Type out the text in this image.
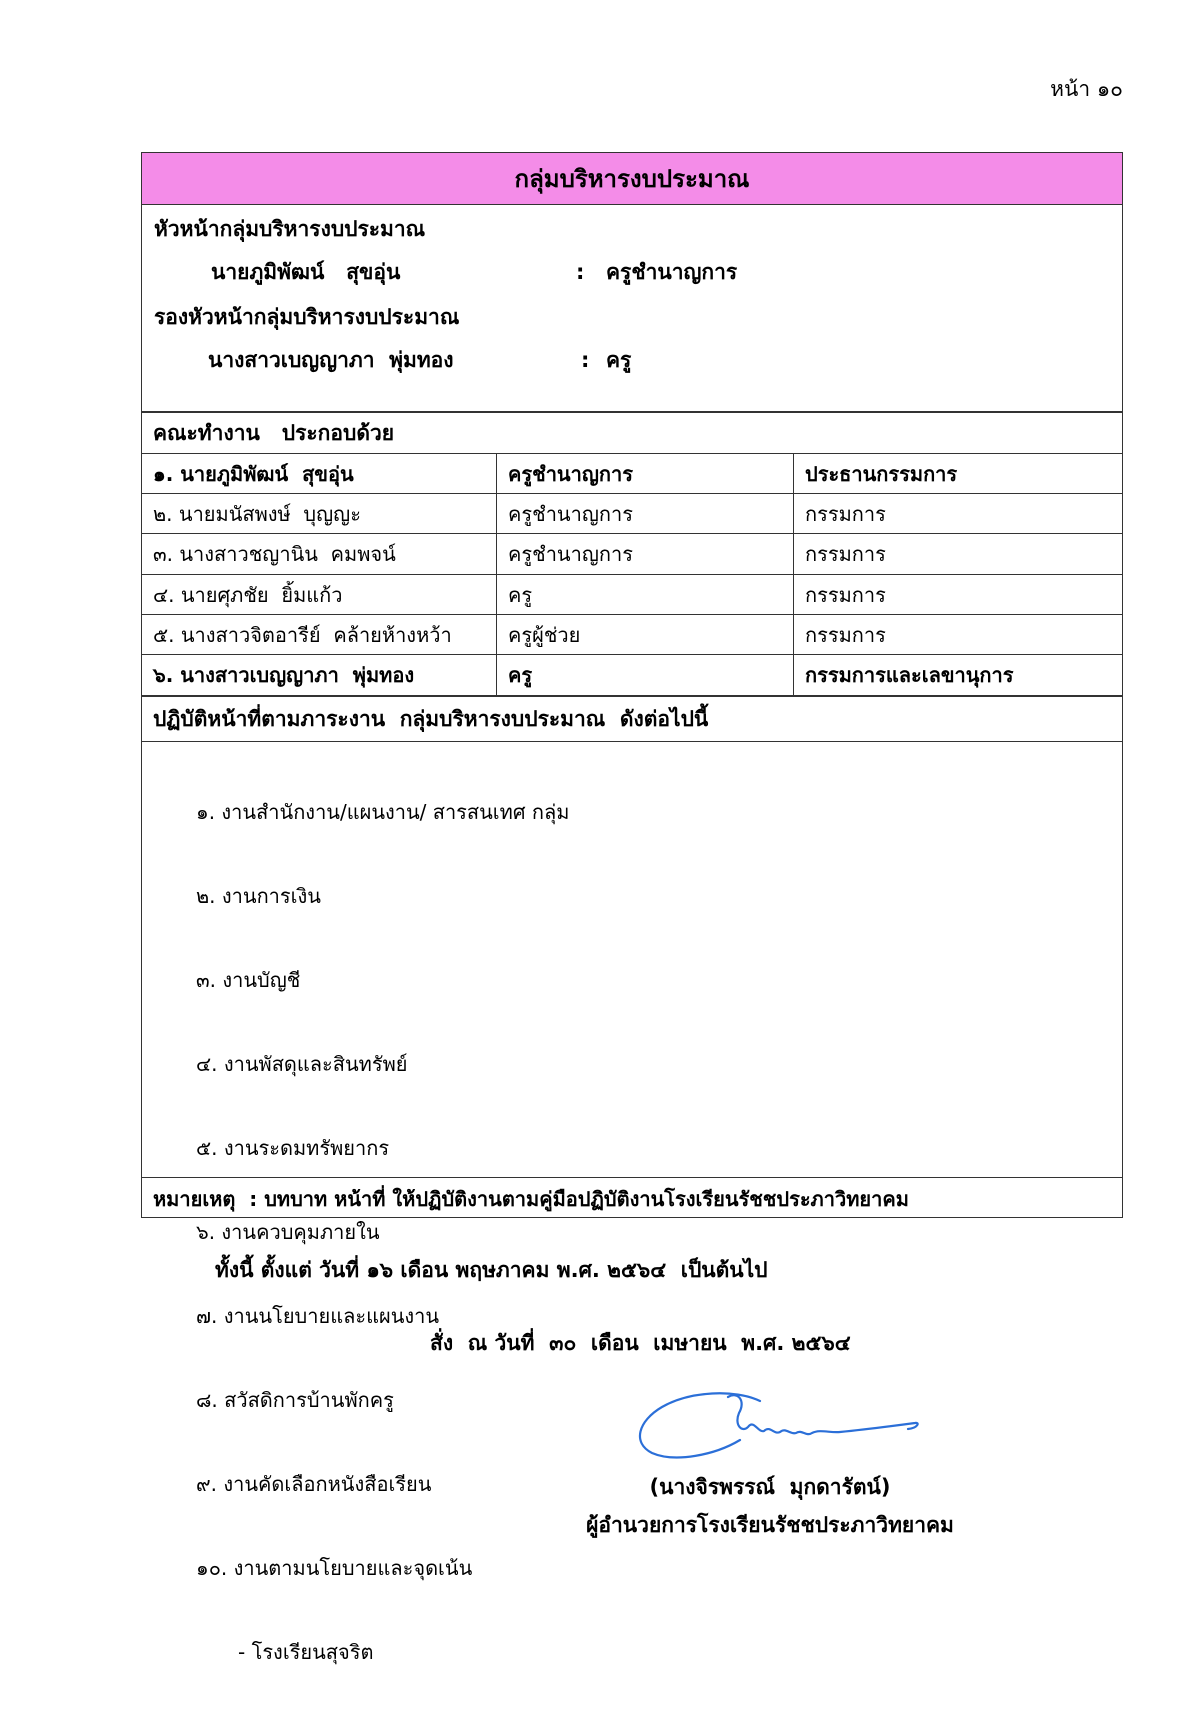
หน้า ๑๐
กลุ่มบริหารงบประมาณ

หัวหน้ากลุ่มบริหารงบประมาณ

นายภูมิพัฒน์   สุขอุ่น

	:

ครูชำนาญการ

รองหัวหน้ากลุ่มบริหารงบประมาณ

นางสาวเบญญาภา  พุ่มทอง

	:

ครู

คณะทำงาน   ประกอบด้วย
๑. นายภูมิพัฒน์  สุขอุ่น	ครูชำนาญการ	ประธานกรรมการ
๒. นายมนัสพงษ์  บุญญะ	ครูชำนาญการ	กรรมการ
๓. นางสาวชญานิน  คมพจน์	ครูชำนาญการ	กรรมการ
๔. นายศุภชัย  ยิ้มแก้ว	ครู	กรรมการ
๕. นางสาวจิตอารีย์  คล้ายห้างหว้า	ครูผู้ช่วย	กรรมการ
๖. นางสาวเบญญาภา  พุ่มทอง	ครู	กรรมการและเลขานุการ
ปฏิบัติหน้าที่ตามภาระงาน  กลุ่มบริหารงบประมาณ  ดังต่อไปนี้

๑. งานสำนักงาน/แผนงาน/ สารสนเทศ กลุ่ม

๒. งานการเงิน

๓. งานบัญชี

๔. งานพัสดุและสินทรัพย์

๕. งานระดมทรัพยากร

๖. งานควบคุมภายใน

๗. งานนโยบายและแผนงาน

๘. สวัสดิการบ้านพักครู

๙. งานคัดเลือกหนังสือเรียน

๑๐. งานตามนโยบายและจุดเน้น

- โรงเรียนสุจริต

หมายเหตุ  : บทบาท หน้าที่ ให้ปฏิบัติงานตามคู่มือปฏิบัติงานโรงเรียนรัชชประภาวิทยาคม
ทั้งนี้ ตั้งแต่ วันที่ ๑๖ เดือน พฤษภาคม พ.ศ. ๒๕๖๔  เป็นต้นไป
สั่ง  ณ วันที่  ๓๐  เดือน  เมษายน  พ.ศ. ๒๕๖๔
(นางจิรพรรณ์  มุกดารัตน์)
ผู้อำนวยการโรงเรียนรัชชประภาวิทยาคม
